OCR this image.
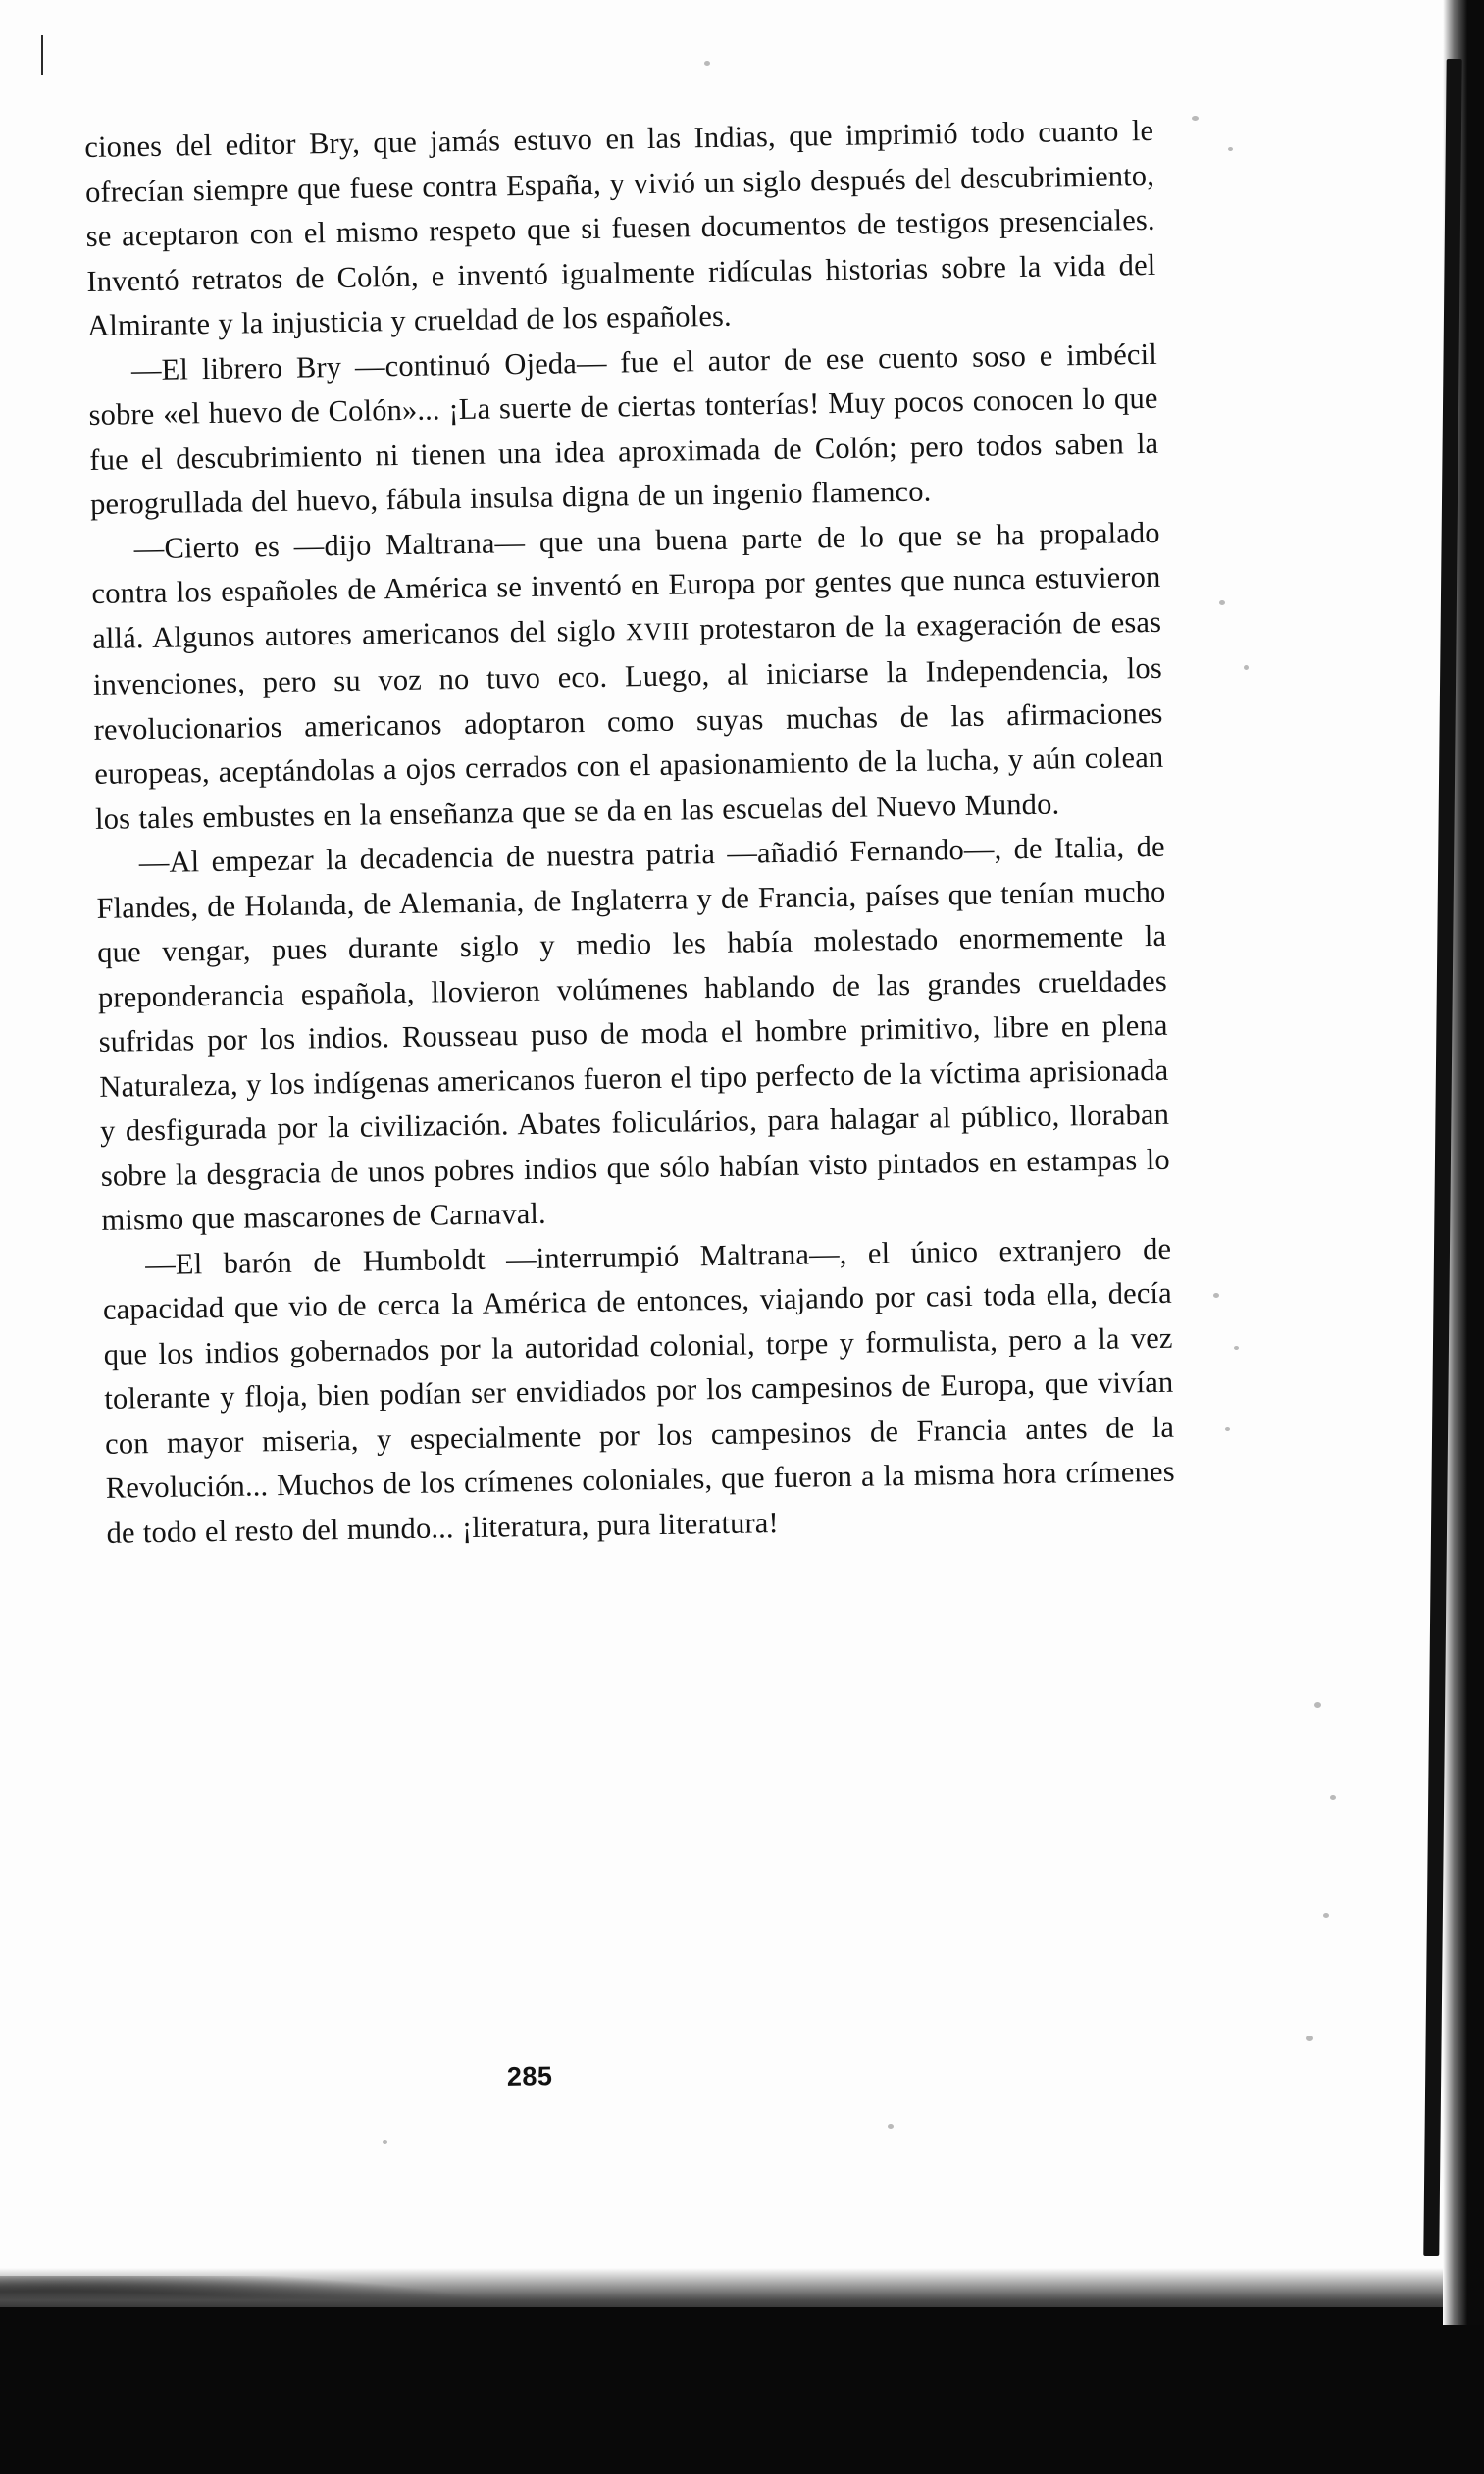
ciones del editor Bry, que jamás estuvo en las Indias, que imprimió todo cuanto le ofrecían siempre que fuese contra España, y vivió un siglo después del descubrimiento, se aceptaron con el mismo respeto que si fuesen documentos de testigos presenciales. Inventó retratos de Colón, e inventó igualmente ridículas historias sobre la vida del Almirante y la injusticia y crueldad de los españoles.

—El librero Bry —continuó Ojeda— fue el autor de ese cuento soso e imbécil sobre «el huevo de Colón»... ¡La suerte de ciertas tonterías! Muy pocos conocen lo que fue el descubrimiento ni tienen una idea aproximada de Colón; pero todos saben la perogrullada del huevo, fábula insulsa digna de un ingenio flamenco.

—Cierto es —dijo Maltrana— que una buena parte de lo que se ha propalado contra los españoles de América se inventó en Europa por gentes que nunca estuvieron allá. Algunos autores americanos del siglo XVIII protestaron de la exageración de esas invenciones, pero su voz no tuvo eco. Luego, al iniciarse la Independencia, los revolucionarios americanos adoptaron como suyas muchas de las afirmaciones europeas, aceptándolas a ojos cerrados con el apasionamiento de la lucha, y aún colean los tales embustes en la enseñanza que se da en las escuelas del Nuevo Mundo.

—Al empezar la decadencia de nuestra patria —añadió Fernando—, de Italia, de Flandes, de Holanda, de Alemania, de Inglaterra y de Francia, países que tenían mucho que vengar, pues durante siglo y medio les había molestado enormemente la preponderancia española, llovieron volúmenes hablando de las grandes crueldades sufridas por los indios. Rousseau puso de moda el hombre primitivo, libre en plena Naturaleza, y los indígenas americanos fueron el tipo perfecto de la víctima aprisionada y desfigurada por la civilización. Abates foliculários, para halagar al público, lloraban sobre la desgracia de unos pobres indios que sólo habían visto pintados en estampas lo mismo que mascarones de Carnaval.

—El barón de Humboldt —interrumpió Maltrana—, el único extranjero de capacidad que vio de cerca la América de entonces, viajando por casi toda ella, decía que los indios gobernados por la autoridad colonial, torpe y formulista, pero a la vez tolerante y floja, bien podían ser envidiados por los campesinos de Europa, que vivían con mayor miseria, y especialmente por los campesinos de Francia antes de la Revolución... Muchos de los crímenes coloniales, que fueron a la misma hora crímenes de todo el resto del mundo... ¡literatura, pura literatura!

285
